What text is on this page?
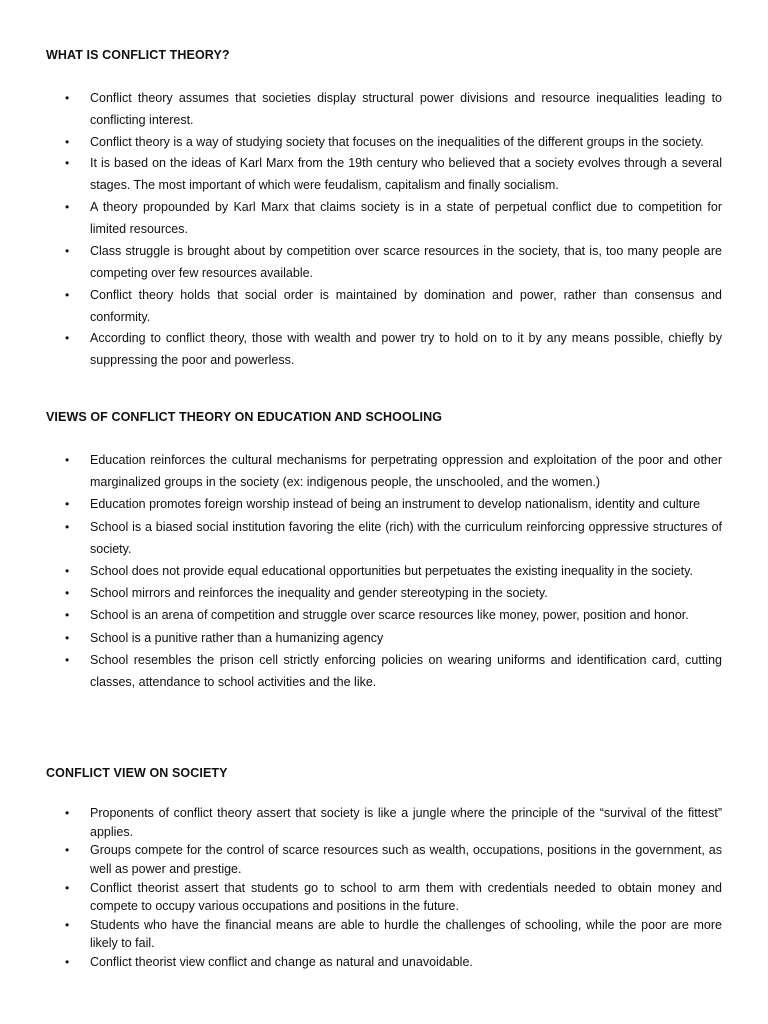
WHAT IS CONFLICT THEORY?
• Conflict theory assumes that societies display structural power divisions and resource inequalities leading to conflicting interest.
• Conflict theory is a way of studying society that focuses on the inequalities of the different groups in the society.
• It is based on the ideas of Karl Marx from the 19th century who believed that a society evolves through a several stages. The most important of which were feudalism, capitalism and finally socialism.
• A theory propounded by Karl Marx that claims society is in a state of perpetual conflict due to competition for limited resources.
• Class struggle is brought about by competition over scarce resources in the society, that is, too many people are competing over few resources available.
• Conflict theory holds that social order is maintained by domination and power, rather than consensus and conformity.
• According to conflict theory, those with wealth and power try to hold on to it by any means possible, chiefly by suppressing the poor and powerless.
VIEWS OF CONFLICT THEORY ON EDUCATION AND SCHOOLING
• Education reinforces the cultural mechanisms for perpetrating oppression and exploitation of the poor and other marginalized groups in the society (ex: indigenous people, the unschooled, and the women.)
• Education promotes foreign worship instead of being an instrument to develop nationalism, identity and culture
• School is a biased social institution favoring the elite (rich) with the curriculum reinforcing oppressive structures of society.
• School does not provide equal educational opportunities but perpetuates the existing inequality in the society.
• School mirrors and reinforces the inequality and gender stereotyping in the society.
• School is an arena of competition and struggle over scarce resources like money, power, position and honor.
• School is a punitive rather than a humanizing agency
• School resembles the prison cell strictly enforcing policies on wearing uniforms and identification card, cutting classes, attendance to school activities and the like.
CONFLICT VIEW ON SOCIETY
• Proponents of conflict theory assert that society is like a jungle where the principle of the “survival of the fittest” applies.
• Groups compete for the control of scarce resources such as wealth, occupations, positions in the government, as well as power and prestige.
• Conflict theorist assert that students go to school to arm them with credentials needed to obtain money and compete to occupy various occupations and positions in the future.
• Students who have the financial means are able to hurdle the challenges of schooling, while the poor are more likely to fail.
• Conflict theorist view conflict and change as natural and unavoidable.
